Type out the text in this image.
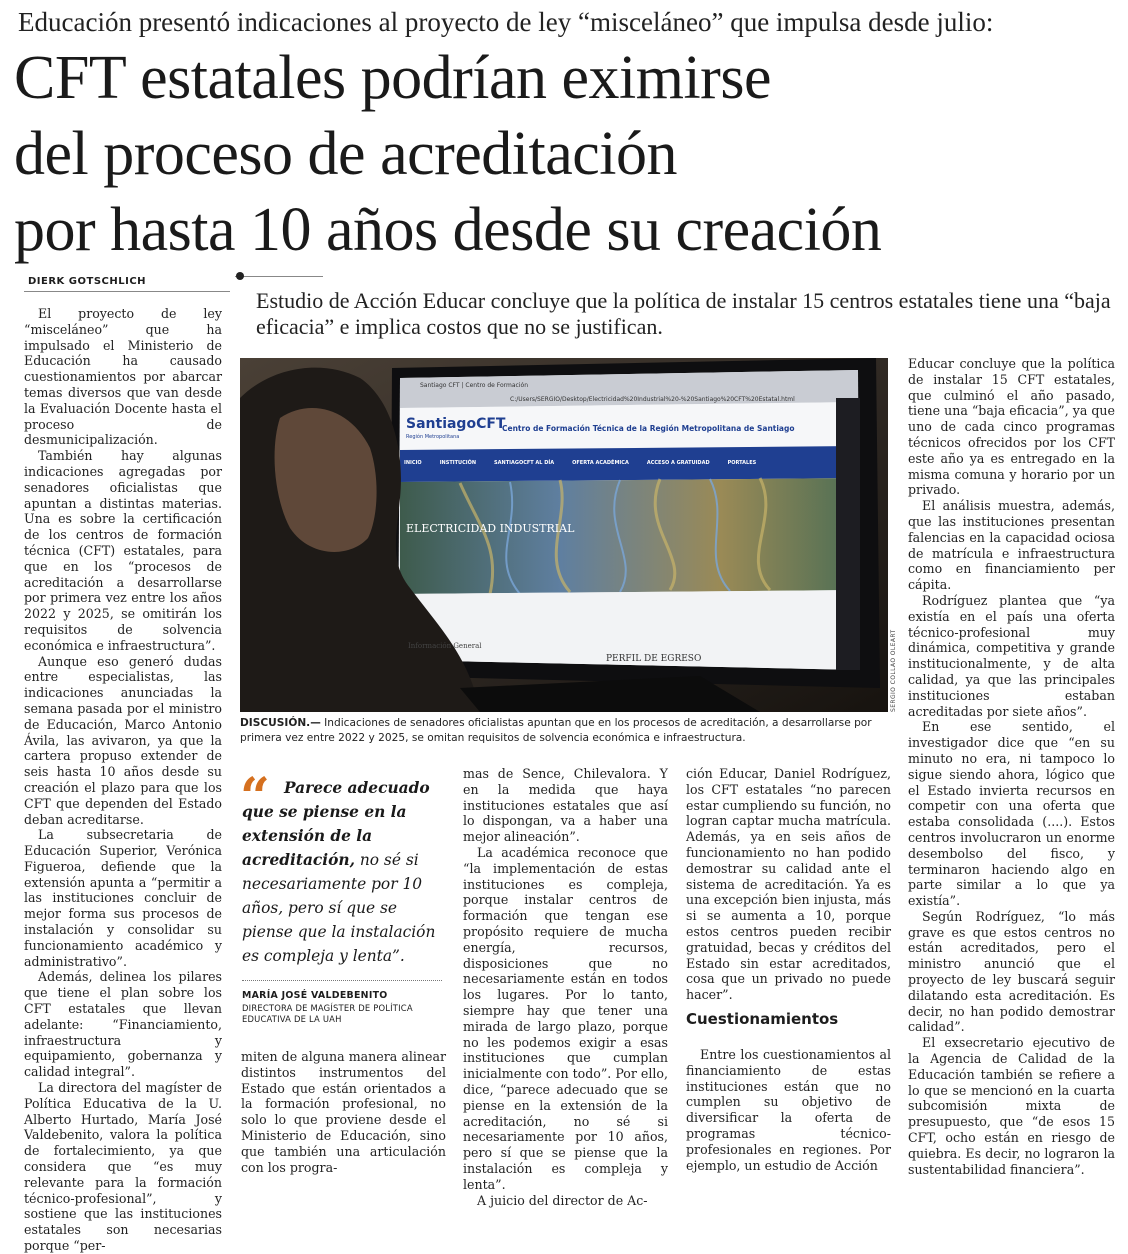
Educación presentó indicaciones al proyecto de ley “misceláneo” que impulsa desde julio:
CFT estatales podrían eximirse
del proceso de acreditación
por hasta 10 años desde su creación
DIERK GOTSCHLICH
Estudio de Acción Educar concluye que la política de instalar 15 centros estatales tiene una “baja eficacia” e implica costos que no se justifican.

El proyecto de ley “misceláneo” que ha impulsado el Ministerio de Educación ha causado cuestionamientos por abarcar temas diversos que van desde la Evaluación Docente hasta el proceso de desmunicipalización.

También hay algunas indicaciones agregadas por senadores oficialistas que apuntan a distintas materias. Una es sobre la certificación de los centros de formación técnica (CFT) estatales, para que en los “procesos de acreditación a desarrollarse por primera vez entre los años 2022 y 2025, se omitirán los requisitos de solvencia económica e infraestructura”.

Aunque eso generó dudas entre especialistas, las indicaciones anunciadas la semana pasada por el ministro de Educación, Marco Antonio Ávila, las avivaron, ya que la cartera propuso extender de seis hasta 10 años desde su creación el plazo para que los CFT que dependen del Estado deban acreditarse.

La subsecretaria de Educación Superior, Verónica Figueroa, defiende que la extensión apunta a “permitir a las instituciones concluir de mejor forma sus procesos de instalación y consolidar su funcionamiento académico y administrativo”.

Además, delinea los pilares que tiene el plan sobre los CFT estatales que llevan adelante: “Financiamiento, infraestructura y equipamiento, gobernanza y calidad integral”.

La directora del magíster de Política Educativa de la U. Alberto Hurtado, María José Valdebenito, valora la política de fortalecimiento, ya que considera que “es muy relevante para la formación técnico-profesional”, y sostiene que las instituciones estatales son necesarias porque “per-

Santiago CFT | Centro de Formación
C:/Users/SERGIO/Desktop/Electricidad%20Industrial%20-%20Santiago%20CFT%20Estatal.html
SantiagoCFT
Región Metropolitana
Centro de Formación Técnica de la Región Metropolitana de Santiago
INICIO	INSTITUCIÓN	SANTIAGOCFT AL DÍA	OFERTA ACADÉMICA	ACCESO A GRATUIDAD	PORTALES
ELECTRICIDAD INDUSTRIAL
Información General
PERFIL DE EGRESO	SERGIO COLLAO OLEART
DISCUSIÓN.— Indicaciones de senadores oficialistas apuntan que en los procesos de acreditación, a desarrollarse por primera vez entre 2022 y 2025, se omitan requisitos de solvencia económica e infraestructura.
“ Parece adecuado que se piense en la extensión de la acreditación, no sé si necesariamente por 10 años, pero sí que se piense que la instalación es compleja y lenta”.
MARÍA JOSÉ VALDEBENITO
DIRECTORA DE MAGÍSTER DE POLÍTICA EDUCATIVA DE LA UAH

miten de alguna manera alinear distintos instrumentos del Estado que están orientados a la formación profesional, no solo lo que proviene desde el Ministerio de Educación, sino que también una articulación con los progra-

mas de Sence, Chilevalora. Y en la medida que haya instituciones estatales que así lo dispongan, va a haber una mejor alineación”.

La académica reconoce que “la implementación de estas instituciones es compleja, porque instalar centros de formación que tengan ese propósito requiere de mucha energía, recursos, disposiciones que no necesariamente están en todos los lugares. Por lo tanto, siempre hay que tener una mirada de largo plazo, porque no les podemos exigir a esas instituciones que cumplan inicialmente con todo”. Por ello, dice, “parece adecuado que se piense en la extensión de la acreditación, no sé si necesariamente por 10 años, pero sí que se piense que la instalación es compleja y lenta”.

A juicio del director de Ac-

ción Educar, Daniel Rodríguez, los CFT estatales “no parecen estar cumpliendo su función, no logran captar mucha matrícula. Además, ya en seis años de funcionamiento no han podido demostrar su calidad ante el sistema de acreditación. Ya es una excepción bien injusta, más si se aumenta a 10, porque estos centros pueden recibir gratuidad, becas y créditos del Estado sin estar acreditados, cosa que un privado no puede hacer”.

Cuestionamientos

Entre los cuestionamientos al financiamiento de estas instituciones están que no cumplen su objetivo de diversificar la oferta de programas técnico-profesionales en regiones. Por ejemplo, un estudio de Acción

Educar concluye que la política de instalar 15 CFT estatales, que culminó el año pasado, tiene una “baja eficacia”, ya que uno de cada cinco programas técnicos ofrecidos por los CFT este año ya es entregado en la misma comuna y horario por un privado.

El análisis muestra, además, que las instituciones presentan falencias en la capacidad ociosa de matrícula e infraestructura como en financiamiento per cápita.

Rodríguez plantea que “ya existía en el país una oferta técnico-profesional muy dinámica, competitiva y grande institucionalmente, y de alta calidad, ya que las principales instituciones estaban acreditadas por siete años”.

En ese sentido, el investigador dice que “en su minuto no era, ni tampoco lo sigue siendo ahora, lógico que el Estado invierta recursos en competir con una oferta que estaba consolidada (....). Estos centros involucraron un enorme desembolso del fisco, y terminaron haciendo algo en parte similar a lo que ya existía”.

Según Rodríguez, “lo más grave es que estos centros no están acreditados, pero el ministro anunció que el proyecto de ley buscará seguir dilatando esta acreditación. Es decir, no han podido demostrar calidad”.

El exsecretario ejecutivo de la Agencia de Calidad de la Educación también se refiere a lo que se mencionó en la cuarta subcomisión mixta de presupuesto, que “de esos 15 CFT, ocho están en riesgo de quiebra. Es decir, no lograron la sustentabilidad financiera”.
